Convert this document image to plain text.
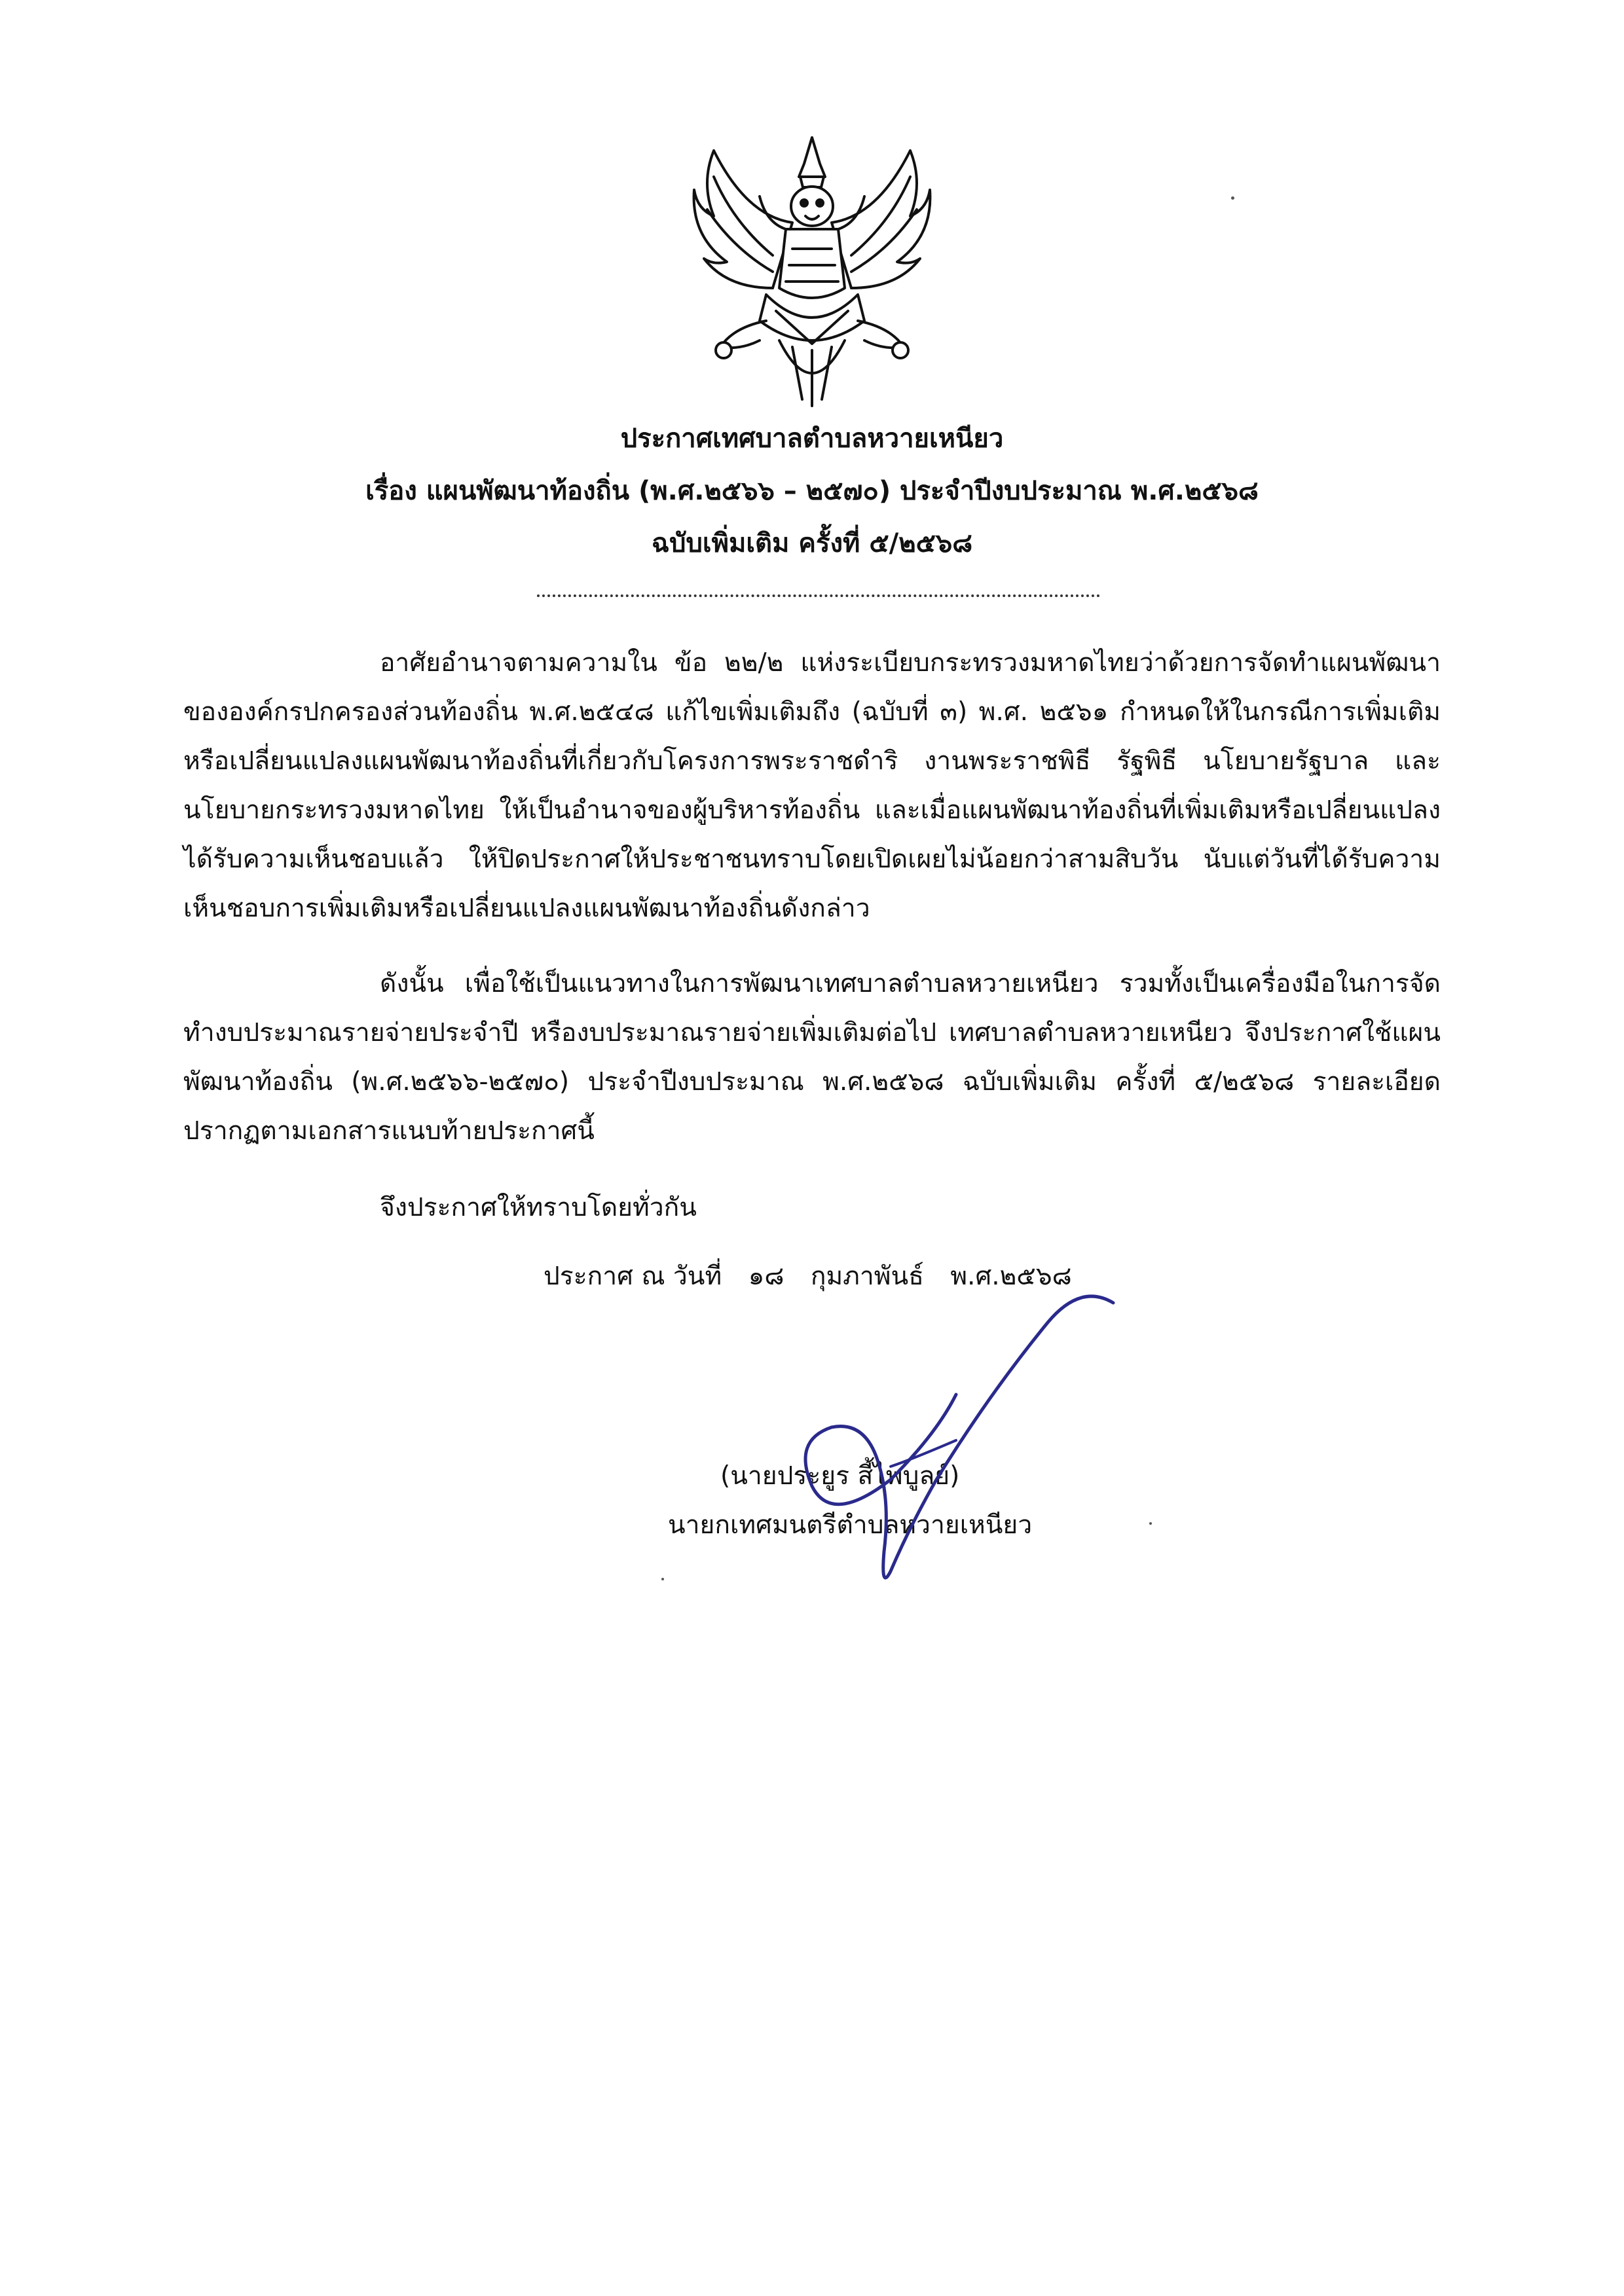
ประกาศเทศบาลตำบลหวายเหนียว
เรื่อง แผนพัฒนาท้องถิ่น (พ.ศ.๒๕๖๖ – ๒๕๗๐) ประจำปีงบประมาณ พ.ศ.๒๕๖๘
ฉบับเพิ่มเติม ครั้งที่ ๕/๒๕๖๘

อาศัยอำนาจตามความใน ข้อ ๒๒/๒ แห่งระเบียบกระทรวงมหาดไทยว่าด้วยการจัดทำแผนพัฒนาขององค์กรปกครองส่วนท้องถิ่น พ.ศ.๒๕๔๘ แก้ไขเพิ่มเติมถึง (ฉบับที่ ๓) พ.ศ. ๒๕๖๑ กำหนดให้ในกรณีการเพิ่มเติมหรือเปลี่ยนแปลงแผนพัฒนาท้องถิ่นที่เกี่ยวกับโครงการพระราชดำริ งานพระราชพิธี รัฐพิธี นโยบายรัฐบาล และนโยบายกระทรวงมหาดไทย ให้เป็นอำนาจของผู้บริหารท้องถิ่น และเมื่อแผนพัฒนาท้องถิ่นที่เพิ่มเติมหรือเปลี่ยนแปลงได้รับความเห็นชอบแล้ว ให้ปิดประกาศให้ประชาชนทราบโดยเปิดเผยไม่น้อยกว่าสามสิบวัน นับแต่วันที่ได้รับความเห็นชอบการเพิ่มเติมหรือเปลี่ยนแปลงแผนพัฒนาท้องถิ่นดังกล่าว

ดังนั้น เพื่อใช้เป็นแนวทางในการพัฒนาเทศบาลตำบลหวายเหนียว รวมทั้งเป็นเครื่องมือในการจัดทำงบประมาณรายจ่ายประจำปี หรืองบประมาณรายจ่ายเพิ่มเติมต่อไป เทศบาลตำบลหวายเหนียว จึงประกาศใช้แผนพัฒนาท้องถิ่น (พ.ศ.๒๕๖๖-๒๕๗๐) ประจำปีงบประมาณ พ.ศ.๒๕๖๘ ฉบับเพิ่มเติม ครั้งที่ ๕/๒๕๖๘ รายละเอียดปรากฏตามเอกสารแนบท้ายประกาศนี้

จึงประกาศให้ทราบโดยทั่วกัน
ประกาศ ณ วันที่ ๑๘ กุมภาพันธ์ พ.ศ.๒๕๖๘
(นายประยูร สี้ไพบูลย์)
นายกเทศมนตรีตำบลหวายเหนียว
